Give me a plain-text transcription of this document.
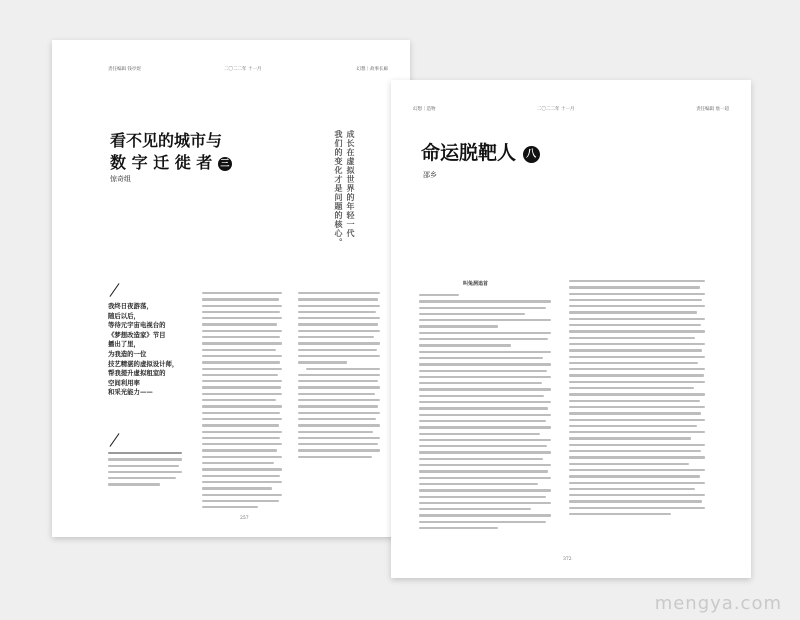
责任编辑 钱亭煜	二〇二二年 十一月	幻想｜故事长廊
看不见的城市与
数 字 迁 徙 者 三
惊奇组	成长在虚拟世界的年轻一代
我们的变化才是问题的核心。
我终日夜游荡，
随后以后，
等待元宇宙电视台的
《梦想改造家》节目
播出了里，
为我造的一位
技艺精湛的虚拟设计师，
帮我提升虚拟租室的
空间利用率
和采光能力——
257
幻想｜造物	二〇二二年 十一月	责任编辑 詹一超
命运脱靶人 八
邵乡
叫兔洞追首
372
mengya.com
